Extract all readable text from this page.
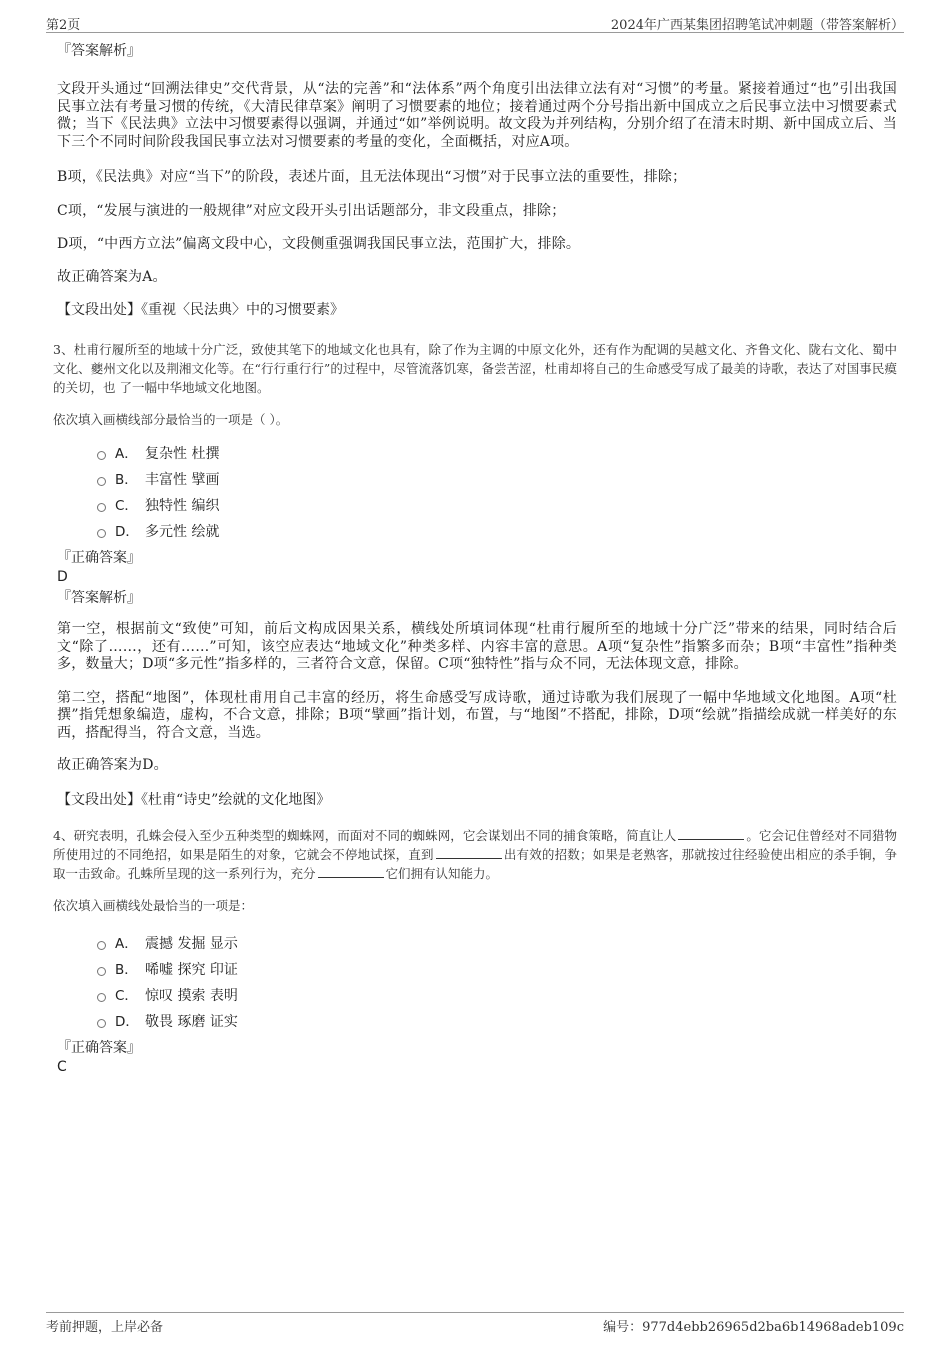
第2页	2024年广西某集团招聘笔试冲刺题（带答案解析）

『答案解析』

文段开头通过“回溯法律史”交代背景，从“法的完善”和“法体系”两个角度引出法律立法有对“习惯”的考量。紧接着通过“也”引出我国民事立法有考量习惯的传统，《大清民律草案》阐明了习惯要素的地位；接着通过两个分号指出新中国成立之后民事立法中习惯要素式微；当下《民法典》立法中习惯要素得以强调，并通过“如”举例说明。故文段为并列结构，分别介绍了在清末时期、新中国成立后、当下三个不同时间阶段我国民事立法对习惯要素的考量的变化，全面概括，对应A项。

B项，《民法典》对应“当下”的阶段，表述片面，且无法体现出“习惯”对于民事立法的重要性，排除；

C项，“发展与演进的一般规律”对应文段开头引出话题部分，非文段重点，排除；

D项，“中西方立法”偏离文段中心，文段侧重强调我国民事立法，范围扩大，排除。

故正确答案为A。

【文段出处】《重视〈民法典〉中的习惯要素》

3、杜甫行履所至的地域十分广泛，致使其笔下的地域文化也具有，除了作为主调的中原文化外，还有作为配调的吴越文化、齐鲁文化、陇右文化、蜀中文化、夔州文化以及荆湘文化等。在“行行重行行”的过程中，尽管流落饥寒，备尝苦涩，杜甫却将自己的生命感受写成了最美的诗歌，表达了对国事民瘼的关切，也 了一幅中华地域文化地图。

依次填入画横线部分最恰当的一项是（ ）。

A． 复杂性 杜撰
B． 丰富性 擘画
C． 独特性 编织
D． 多元性 绘就

『正确答案』

D

『答案解析』

第一空，根据前文“致使”可知，前后文构成因果关系，横线处所填词体现“杜甫行履所至的地域十分广泛”带来的结果，同时结合后文“除了……，还有……”可知，该空应表达“地域文化”种类多样、内容丰富的意思。A项“复杂性”指繁多而杂；B项“丰富性”指种类多，数量大；D项“多元性”指多样的，三者符合文意，保留。C项“独特性”指与众不同，无法体现文意，排除。

第二空，搭配“地图”，体现杜甫用自己丰富的经历，将生命感受写成诗歌，通过诗歌为我们展现了一幅中华地域文化地图。A项“杜撰”指凭想象编造，虚构，不合文意，排除；B项“擘画”指计划，布置，与“地图”不搭配，排除，D项“绘就”指描绘成就一样美好的东西，搭配得当，符合文意，当选。

故正确答案为D。

【文段出处】《杜甫“诗史”绘就的文化地图》

4、研究表明，孔蛛会侵入至少五种类型的蜘蛛网，而面对不同的蜘蛛网，它会谋划出不同的捕食策略，简直让人	。它会记住曾经对不同猎物所使用过的不同绝招，如果是陌生的对象，它就会不停地试探，直到	出有效的招数；如果是老熟客，那就按过往经验使出相应的杀手锏，争取一击致命。孔蛛所呈现的这一系列行为，充分	它们拥有认知能力。

依次填入画横线处最恰当的一项是：

A． 震撼 发掘 显示
B． 唏嘘 探究 印证
C． 惊叹 摸索 表明
D． 敬畏 琢磨 证实

『正确答案』

C

考前押题，上岸必备	编号：977d4ebb26965d2ba6b14968adeb109c
